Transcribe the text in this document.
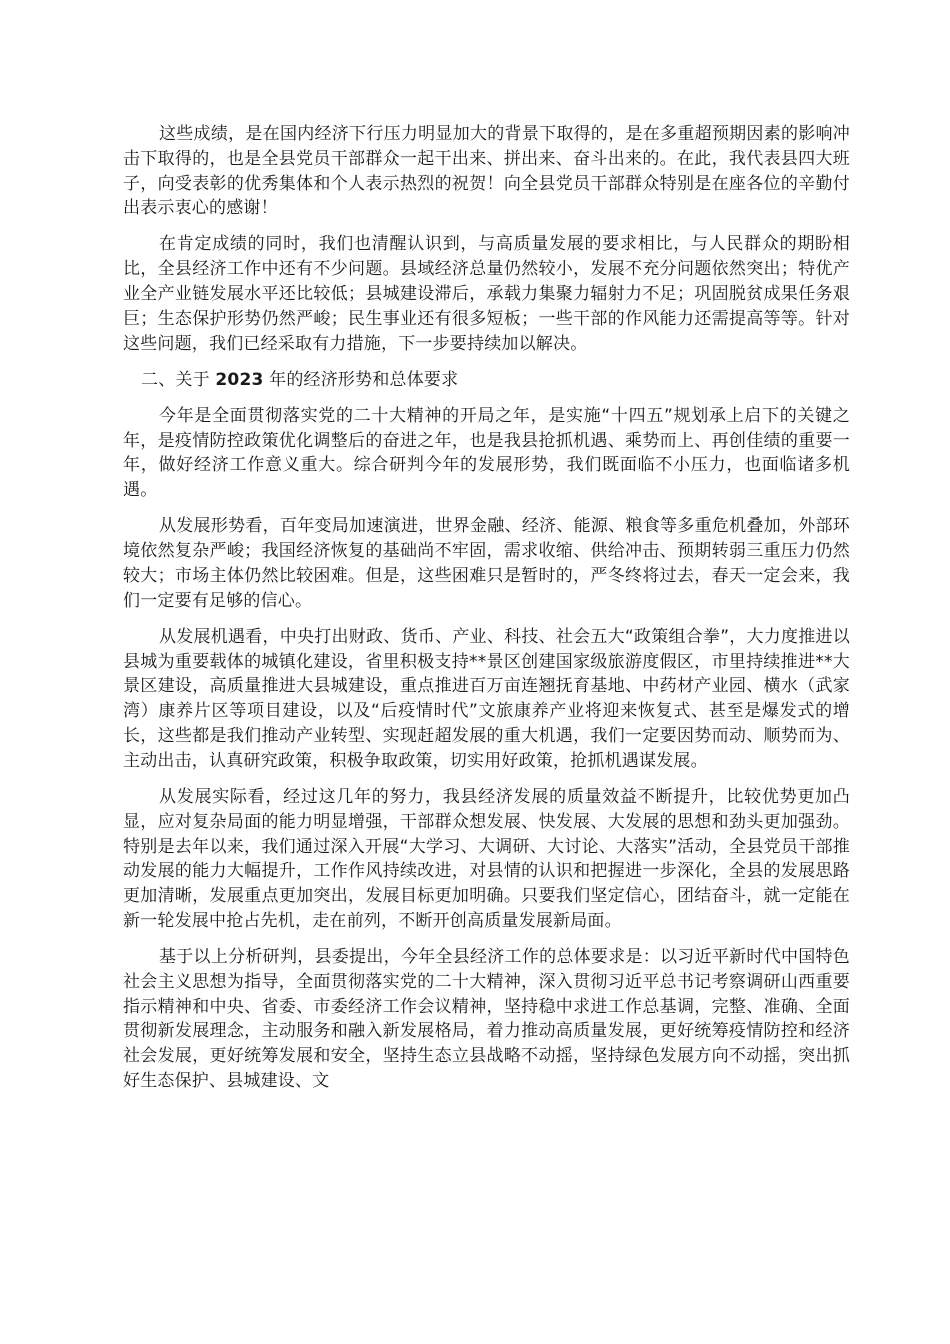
这些成绩，是在国内经济下行压力明显加大的背景下取得的，是在多重超预期因素的影响冲击下取得的，也是全县党员干部群众一起干出来、拼出来、奋斗出来的。在此，我代表县四大班子，向受表彰的优秀集体和个人表示热烈的祝贺！向全县党员干部群众特别是在座各位的辛勤付出表示衷心的感谢！

在肯定成绩的同时，我们也清醒认识到，与高质量发展的要求相比，与人民群众的期盼相比，全县经济工作中还有不少问题。县域经济总量仍然较小，发展不充分问题依然突出；特优产业全产业链发展水平还比较低；县城建设滞后，承载力集聚力辐射力不足；巩固脱贫成果任务艰巨；生态保护形势仍然严峻；民生事业还有很多短板；一些干部的作风能力还需提高等等。针对这些问题，我们已经采取有力措施，下一步要持续加以解决。

二、关于 2023 年的经济形势和总体要求

今年是全面贯彻落实党的二十大精神的开局之年，是实施“十四五”规划承上启下的关键之年，是疫情防控政策优化调整后的奋进之年，也是我县抢抓机遇、乘势而上、再创佳绩的重要一年，做好经济工作意义重大。综合研判今年的发展形势，我们既面临不小压力，也面临诸多机遇。

从发展形势看，百年变局加速演进，世界金融、经济、能源、粮食等多重危机叠加，外部环境依然复杂严峻；我国经济恢复的基础尚不牢固，需求收缩、供给冲击、预期转弱三重压力仍然较大；市场主体仍然比较困难。但是，这些困难只是暂时的，严冬终将过去，春天一定会来，我们一定要有足够的信心。

从发展机遇看，中央打出财政、货币、产业、科技、社会五大“政策组合拳”，大力度推进以县城为重要载体的城镇化建设，省里积极支持**景区创建国家级旅游度假区，市里持续推进**大景区建设，高质量推进大县城建设，重点推进百万亩连翘抚育基地、中药材产业园、横水（武家湾）康养片区等项目建设，以及“后疫情时代”文旅康养产业将迎来恢复式、甚至是爆发式的增长，这些都是我们推动产业转型、实现赶超发展的重大机遇，我们一定要因势而动、顺势而为、主动出击，认真研究政策，积极争取政策，切实用好政策，抢抓机遇谋发展。

从发展实际看，经过这几年的努力，我县经济发展的质量效益不断提升，比较优势更加凸显，应对复杂局面的能力明显增强，干部群众想发展、快发展、大发展的思想和劲头更加强劲。特别是去年以来，我们通过深入开展“大学习、大调研、大讨论、大落实”活动，全县党员干部推动发展的能力大幅提升，工作作风持续改进，对县情的认识和把握进一步深化，全县的发展思路更加清晰，发展重点更加突出，发展目标更加明确。只要我们坚定信心，团结奋斗，就一定能在新一轮发展中抢占先机，走在前列，不断开创高质量发展新局面。

基于以上分析研判，县委提出，今年全县经济工作的总体要求是：以习近平新时代中国特色社会主义思想为指导，全面贯彻落实党的二十大精神，深入贯彻习近平总书记考察调研山西重要指示精神和中央、省委、市委经济工作会议精神，坚持稳中求进工作总基调，完整、准确、全面贯彻新发展理念，主动服务和融入新发展格局，着力推动高质量发展，更好统筹疫情防控和经济社会发展，更好统筹发展和安全，坚持生态立县战略不动摇，坚持绿色发展方向不动摇，突出抓好生态保护、县城建设、文
